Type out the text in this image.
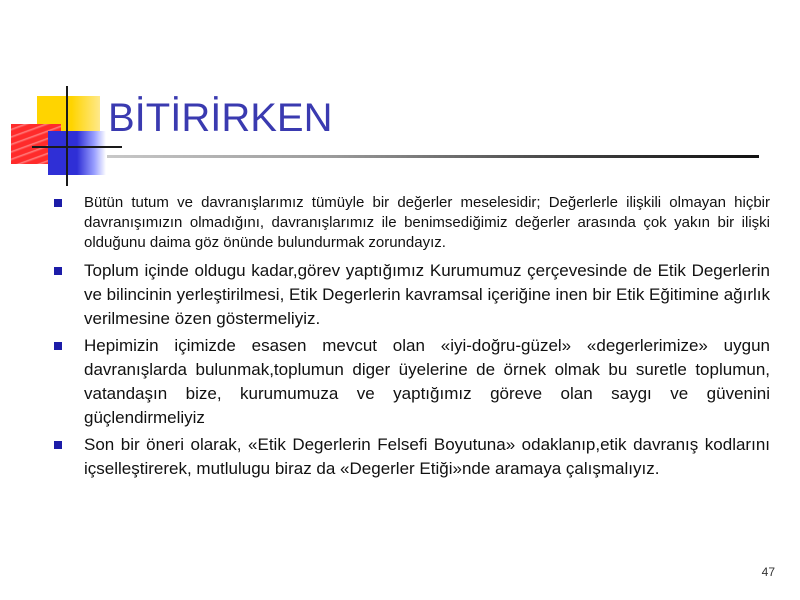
BİTİRİRKEN
Bütün tutum ve davranışlarımız tümüyle bir değerler meselesidir; Değerlerle ilişkili olmayan hiçbir davranışımızın olmadığını, davranışlarımız ile benimsediğimiz değerler arasında çok yakın bir ilişki olduğunu daima göz önünde bulundurmak zorundayız.
Toplum içinde oldugu kadar,görev yaptığımız Kurumumuz çerçevesinde de Etik Degerlerin ve bilincinin yerleştirilmesi, Etik Degerlerin kavramsal içeriğine inen bir Etik Eğitimine ağırlık verilmesine özen göstermeliyiz.
Hepimizin içimizde esasen mevcut olan «iyi-doğru-güzel» «degerlerimize» uygun davranışlarda bulunmak,toplumun diger üyelerine de örnek olmak bu suretle toplumun, vatandaşın bize, kurumumuza ve yaptığımız göreve olan saygı ve güvenini güçlendirmeliyiz
Son bir öneri olarak, «Etik Degerlerin Felsefi Boyutuna» odaklanıp,etik davranış kodlarını içselleştirerek, mutlulugu biraz da «Degerler Etiği»nde aramaya çalışmalıyız.
47
